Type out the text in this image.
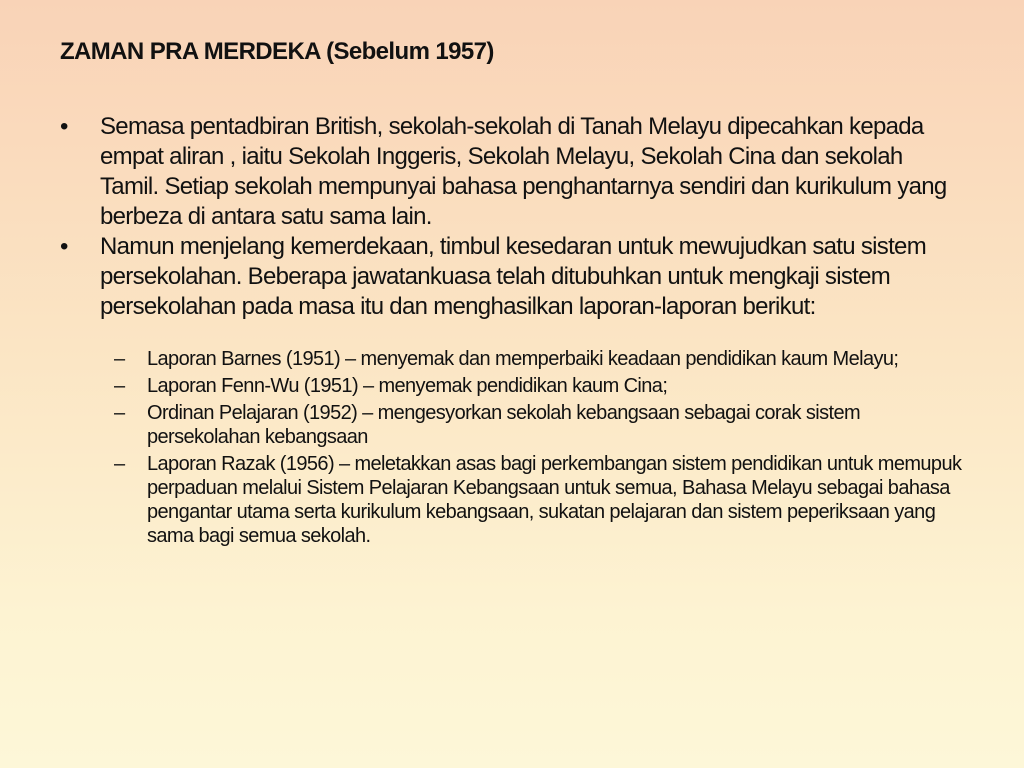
ZAMAN PRA MERDEKA (Sebelum 1957)
•	Semasa pentadbiran British, sekolah-sekolah di Tanah Melayu dipecahkan kepada empat aliran , iaitu Sekolah Inggeris, Sekolah Melayu, Sekolah Cina dan sekolah Tamil. Setiap sekolah mempunyai bahasa penghantarnya sendiri dan kurikulum yang berbeza di antara satu sama lain.
•	Namun menjelang kemerdekaan, timbul kesedaran untuk mewujudkan satu sistem persekolahan. Beberapa jawatankuasa telah ditubuhkan untuk mengkaji sistem persekolahan pada masa itu dan menghasilkan laporan-laporan berikut:
– Laporan Barnes (1951) – menyemak dan memperbaiki keadaan pendidikan kaum Melayu;
– Laporan Fenn-Wu (1951) – menyemak pendidikan kaum Cina;
– Ordinan Pelajaran (1952) – mengesyorkan sekolah kebangsaan sebagai corak sistem persekolahan kebangsaan
– Laporan Razak (1956) – meletakkan asas bagi perkembangan sistem pendidikan untuk memupuk perpaduan melalui Sistem Pelajaran Kebangsaan untuk semua, Bahasa Melayu sebagai bahasa pengantar utama serta kurikulum kebangsaan, sukatan pelajaran dan sistem peperiksaan yang sama bagi semua sekolah.
